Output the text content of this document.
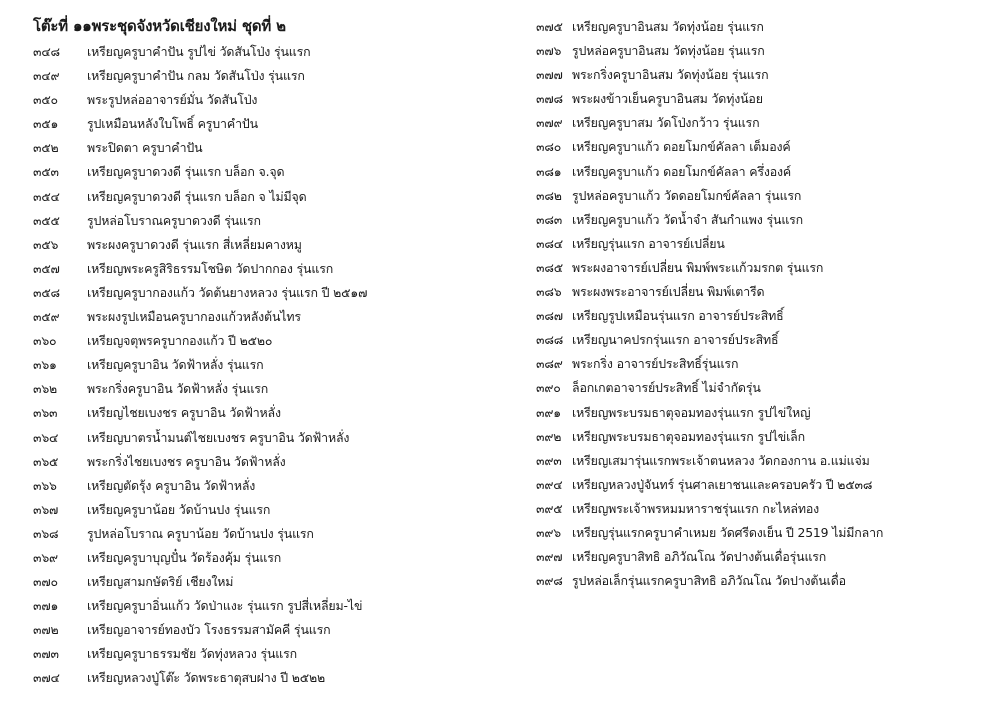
โต๊ะที่ ๑๑พระชุดจังหวัดเชียงใหม่ ชุดที่ ๒
๓๔๘	เหรียญครูบาคำปัน รูปไข่ วัดสันโป่ง รุ่นแรก
๓๔๙	เหรียญครูบาคำปัน กลม วัดสันโป่ง รุ่นแรก
๓๕๐	พระรูปหล่ออาจารย์มั่น วัดสันโป่ง
๓๕๑	รูปเหมือนหลังใบโพธิ์ ครูบาคำปัน
๓๕๒	พระปิดตา ครูบาคำปัน
๓๕๓	เหรียญครูบาดวงดี รุ่นแรก บล็อก จ.จุด
๓๕๔	เหรียญครูบาดวงดี รุ่นแรก บล็อก จ ไม่มีจุด
๓๕๕	รูปหล่อโบราณครูบาดวงดี รุ่นแรก
๓๕๖	พระผงครูบาดวงดี รุ่นแรก สี่เหลี่ยมคางหมู
๓๕๗	เหรียญพระครูสิริธรรมโชษิต วัดปากกอง รุ่นแรก
๓๕๘	เหรียญครูบากองแก้ว วัดต้นยางหลวง รุ่นแรก ปี ๒๕๑๗
๓๕๙	พระผงรูปเหมือนครูบากองแก้วหลังต้นไทร
๓๖๐	เหรียญจตุพรครูบากองแก้ว ปี ๒๕๒๐
๓๖๑	เหรียญครูบาอิน วัดฟ้าหลั่ง รุ่นแรก
๓๖๒	พระกริ่งครูบาอิน วัดฟ้าหลั่ง รุ่นแรก
๓๖๓	เหรียญไชยเบงชร ครูบาอิน วัดฟ้าหลั่ง
๓๖๔	เหรียญบาตรน้ำมนต์ไชยเบงชร ครูบาอิน วัดฟ้าหลั่ง
๓๖๕	พระกริ่งไชยเบงชร ครูบาอิน วัดฟ้าหลั่ง
๓๖๖	เหรียญตัดรุ้ง ครูบาอิน วัดฟ้าหลั่ง
๓๖๗	เหรียญครูบาน้อย วัดบ้านปง รุ่นแรก
๓๖๘	รูปหล่อโบราณ ครูบาน้อย วัดบ้านปง รุ่นแรก
๓๖๙	เหรียญครูบาบุญปั๋น วัดร้องคุ้ม รุ่นแรก
๓๗๐	เหรียญสามกษัตริย์ เชียงใหม่
๓๗๑	เหรียญครูบาอิ่นแก้ว วัดป่าแงะ รุ่นแรก รูปสี่เหลี่ยม-ไข่
๓๗๒	เหรียญอาจารย์ทองบัว โรงธรรมสามัคคี รุ่นแรก
๓๗๓	เหรียญครูบาธรรมชัย วัดทุ่งหลวง รุ่นแรก
๓๗๔	เหรียญหลวงปู่โต๊ะ วัดพระธาตุสบฝาง ปี ๒๕๒๒
๓๗๕ เหรียญครูบาอินสม วัดทุ่งน้อย รุ่นแรก
๓๗๖ รูปหล่อครูบาอินสม วัดทุ่งน้อย รุ่นแรก
๓๗๗ พระกริ่งครูบาอินสม วัดทุ่งน้อย รุ่นแรก
๓๗๘ พระผงข้าวเย็นครูบาอินสม วัดทุ่งน้อย
๓๗๙ เหรียญครูบาสม วัดโป่งกว้าว รุ่นแรก
๓๘๐ เหรียญครูบาแก้ว ดอยโมกข์คัลลา เต็มองค์
๓๘๑ เหรียญครูบาแก้ว ดอยโมกข์คัลลา ครึ่งองค์
๓๘๒ รูปหล่อครูบาแก้ว วัดดอยโมกข์คัลลา รุ่นแรก
๓๘๓ เหรียญครูบาแก้ว วัดน้ำจำ สันกำแพง รุ่นแรก
๓๘๔ เหรียญรุ่นแรก อาจารย์เปลี่ยน
๓๘๕ พระผงอาจารย์เปลี่ยน พิมพ์พระแก้วมรกต รุ่นแรก
๓๘๖ พระผงพระอาจารย์เปลี่ยน พิมพ์เตารีด
๓๘๗ เหรียญรูปเหมือนรุ่นแรก อาจารย์ประสิทธิ์
๓๘๘ เหรียญนาคปรกรุ่นแรก อาจารย์ประสิทธิ์
๓๘๙ พระกริ่ง อาจารย์ประสิทธิ์รุ่นแรก
๓๙๐ ล็อกเกตอาจารย์ประสิทธิ์ ไม่จำกัดรุ่น
๓๙๑ เหรียญพระบรมธาตุจอมทองรุ่นแรก รูปไข่ใหญ่
๓๙๒ เหรียญพระบรมธาตุจอมทองรุ่นแรก รูปไข่เล็ก
๓๙๓ เหรียญเสมารุ่นแรกพระเจ้าตนหลวง วัดกองกาน อ.แม่แจ่ม
๓๙๔ เหรียญหลวงปู่จันทร์ รุ่นศาลเยาชนและครอบครัว ปี ๒๕๓๘
๓๙๕ เหรียญพระเจ้าพรหมมหาราชรุ่นแรก กะไหล่ทอง
๓๙๖ เหรียญรุ่นแรกครูบาคำเหมย วัดศรีดงเย็น ปี 2519 ไม่มีกลาก
๓๙๗ เหรียญครูบาสิทธิ อภิวัณโณ วัดปางต้นเดื่อรุ่นแรก
๓๙๘ รูปหล่อเล็กรุ่นแรกครูบาสิทธิ อภิวัณโณ วัดปางต้นเดื่อ
